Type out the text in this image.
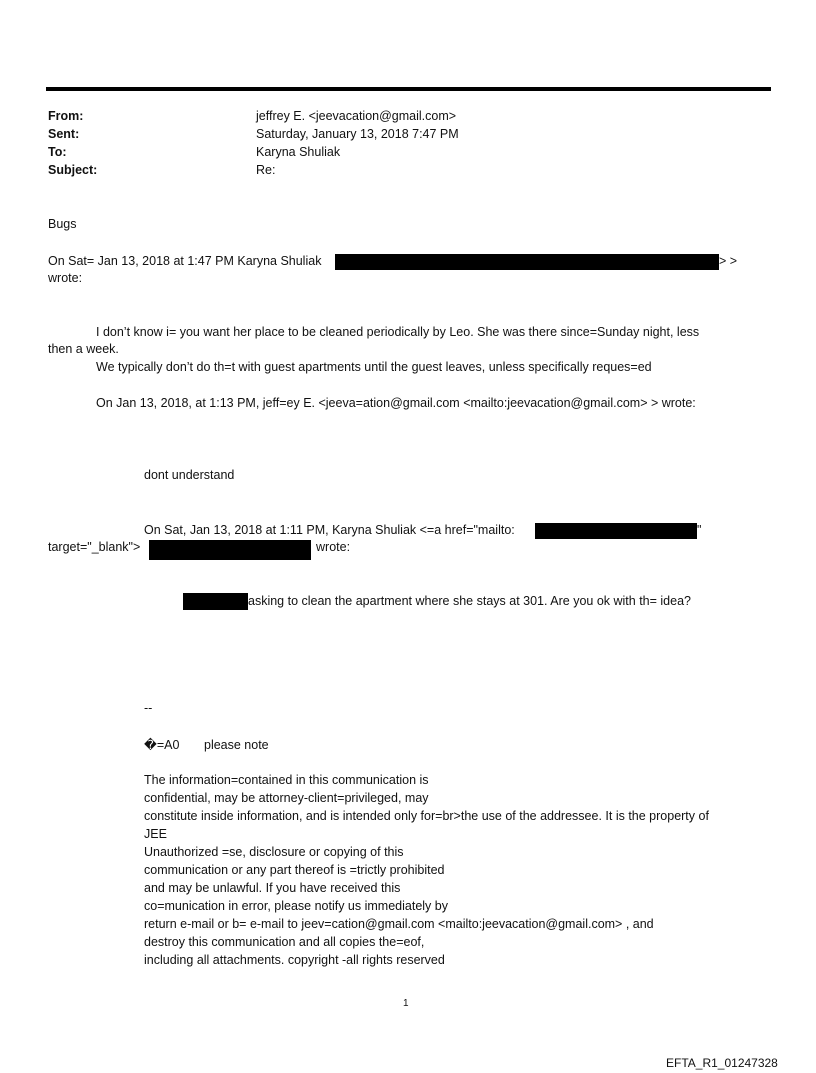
From:	jeffrey E. <jeevacation@gmail.com>
Sent:	Saturday, January 13, 2018 7:47 PM
To:	Karyna Shuliak
Subject:	Re:
Bugs
On Sat= Jan 13, 2018 at 1:47 PM Karyna Shuliak	> >
wrote:
I don’t know i= you want her place to be cleaned periodically by Leo. She was there since=Sunday night, less
then a week.
We typically don’t do th=t with guest apartments until the guest leaves, unless specifically reques=ed
On Jan 13, 2018, at 1:13 PM, jeff=ey E. <jeeva=ation@gmail.com <mailto:jeevacation@gmail.com> > wrote:
dont understand
On Sat, Jan 13, 2018 at 1:11 PM, Karyna Shuliak <=a href="mailto:	"
target="_blank">	wrote:
asking to clean the apartment where she stays at 301. Are you ok with th= idea?
--
�=A0 please note
The information=contained in this communication is
confidential, may be attorney-client=privileged, may
constitute inside information, and is intended only for=br>the use of the addressee. It is the property of
JEE
Unauthorized =se, disclosure or copying of this
communication or any part thereof is =trictly prohibited
and may be unlawful. If you have received this
co=munication in error, please notify us immediately by
return e-mail or b= e-mail to jeev=cation@gmail.com <mailto:jeevacation@gmail.com> , and
destroy this communication and all copies the=eof,
including all attachments. copyright -all rights reserved
1
EFTA_R1_01247328
